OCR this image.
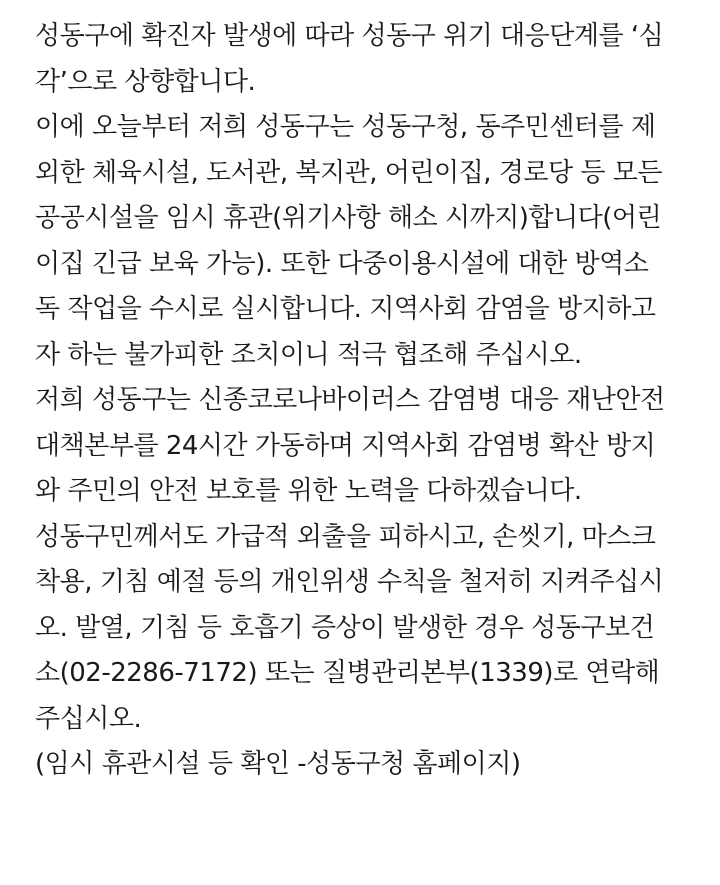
성동구에 확진자 발생에 따라 성동구 위기 대응단계를 ‘심
각’으로 상향합니다.
이에 오늘부터 저희 성동구는 성동구청, 동주민센터를 제
외한 체육시설, 도서관, 복지관, 어린이집, 경로당 등 모든
공공시설을 임시 휴관(위기사항 해소 시까지)합니다(어린
이집 긴급 보육 가능). 또한 다중이용시설에 대한 방역소
독 작업을 수시로 실시합니다. 지역사회 감염을 방지하고
자 하는 불가피한 조치이니 적극 협조해 주십시오.
저희 성동구는 신종코로나바이러스 감염병 대응 재난안전
대책본부를 24시간 가동하며 지역사회 감염병 확산 방지
와 주민의 안전 보호를 위한 노력을 다하겠습니다.
성동구민께서도 가급적 외출을 피하시고, 손씻기, 마스크
착용, 기침 예절 등의 개인위생 수칙을 철저히 지켜주십시
오. 발열, 기침 등 호흡기 증상이 발생한 경우 성동구보건
소(02-2286-7172) 또는 질병관리본부(1339)로 연락해
주십시오.
(임시 휴관시설 등 확인 -성동구청 홈페이지)
